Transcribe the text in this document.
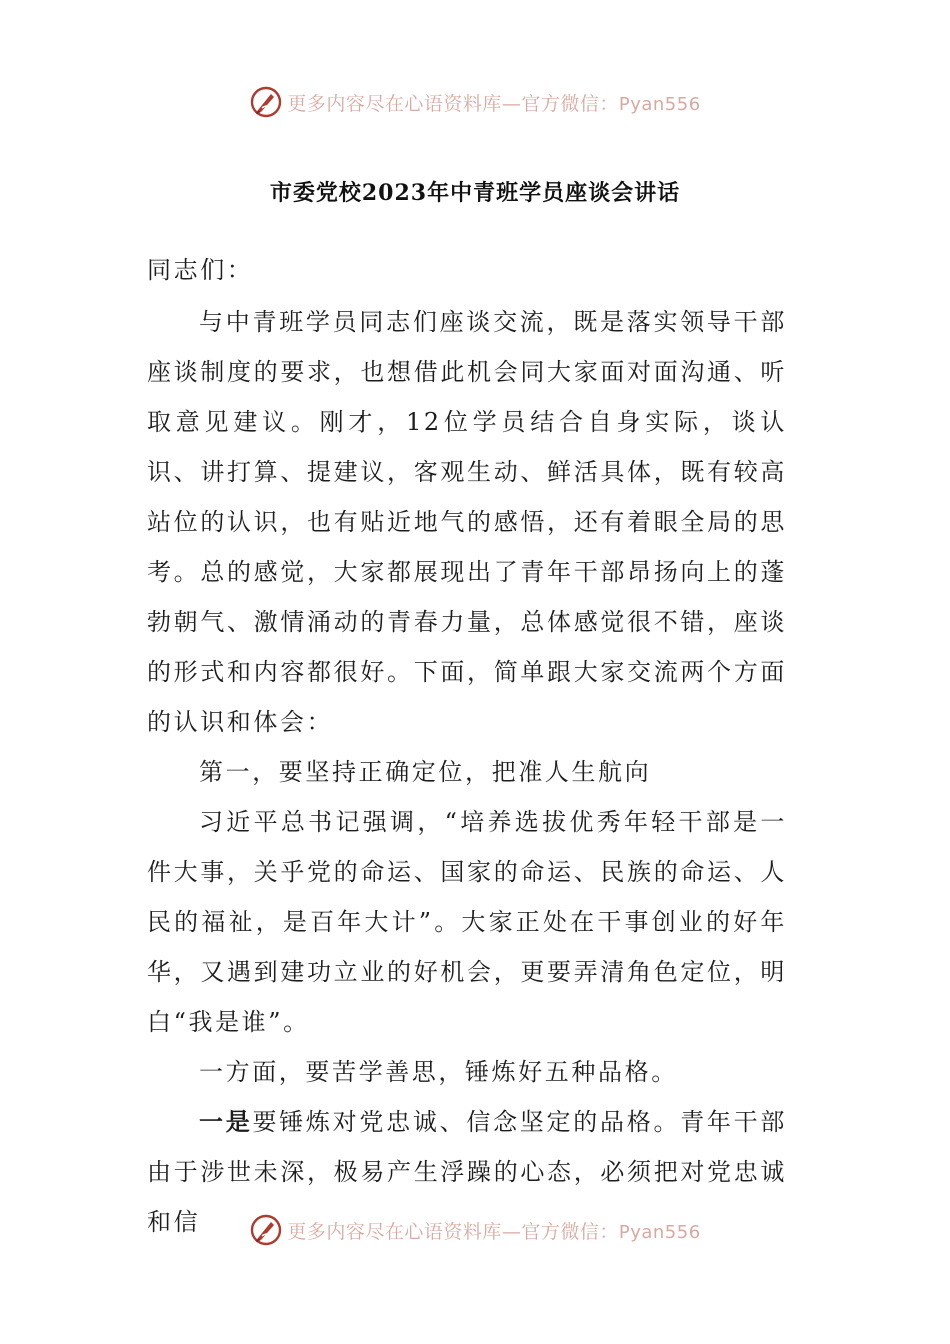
更多内容尽在心语资料库—官方微信：Pyan556
市委党校2023年中青班学员座谈会讲话

同志们：

与中青班学员同志们座谈交流，既是落实领导干部座谈制度的要求，也想借此机会同大家面对面沟通、听取意见建议。刚才，12位学员结合自身实际，谈认识、讲打算、提建议，客观生动、鲜活具体，既有较高站位的认识，也有贴近地气的感悟，还有着眼全局的思考。总的感觉，大家都展现出了青年干部昂扬向上的蓬勃朝气、激情涌动的青春力量，总体感觉很不错，座谈的形式和内容都很好。下面，简单跟大家交流两个方面的认识和体会：

第一，要坚持正确定位，把准人生航向

习近平总书记强调，“培养选拔优秀年轻干部是一件大事，关乎党的命运、国家的命运、民族的命运、人民的福祉，是百年大计”。大家正处在干事创业的好年华，又遇到建功立业的好机会，更要弄清角色定位，明白“我是谁”。

一方面，要苦学善思，锤炼好五种品格。

一是要锤炼对党忠诚、信念坚定的品格。青年干部由于涉世未深，极易产生浮躁的心态，必须把对党忠诚和信	更多内容尽在心语资料库—官方微信：Pyan556
